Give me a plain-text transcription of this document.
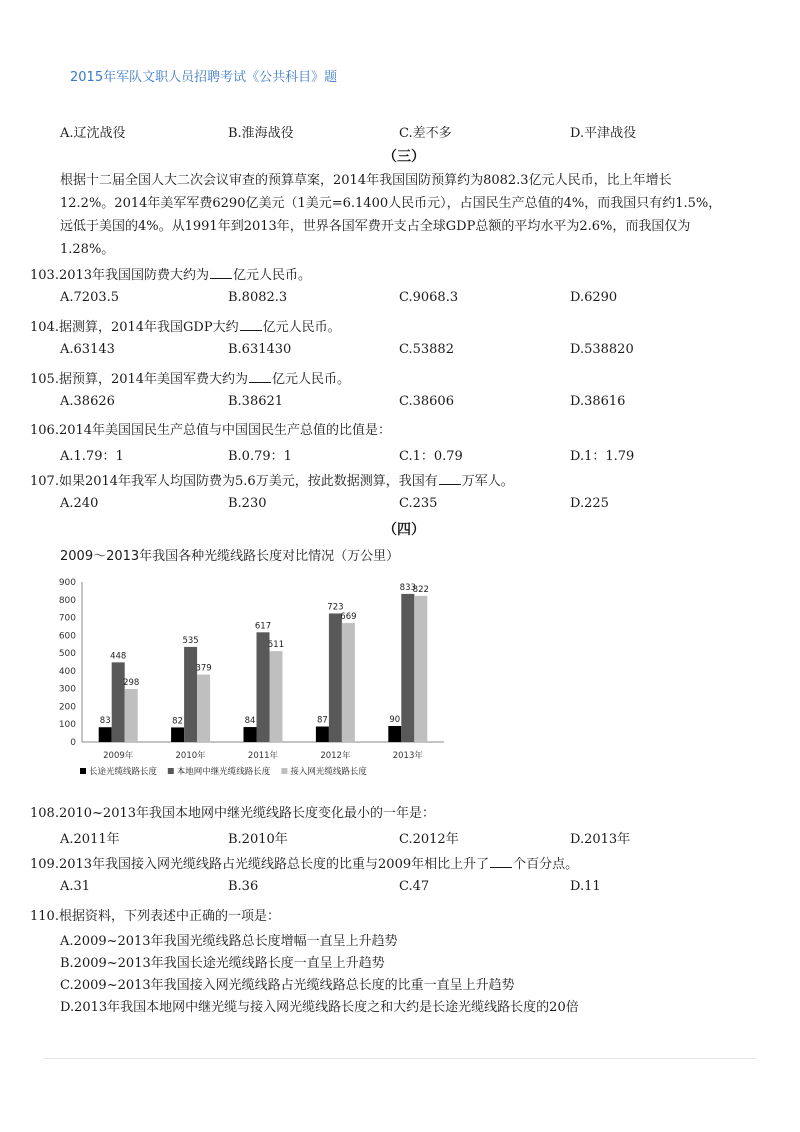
2015年军队文职人员招聘考试《公共科目》题
A.辽沈战役	B.淮海战役	C.差不多	D.平津战役
（三）
根据十二届全国人大二次会议审查的预算草案，2014年我国国防预算约为8082.3亿元人民币，比上年增长
12.2%。2014年美军军费6290亿美元（1美元=6.1400人民币元），占国民生产总值的4%，而我国只有约1.5%，
远低于美国的4%。从1991年到2013年，世界各国军费开支占全球GDP总额的平均水平为2.6%，而我国仅为
1.28%。
103.2013年我国国防费大约为 亿元人民币。
A.7203.5	B.8082.3	C.9068.3	D.6290
104.据测算，2014年我国GDP大约 亿元人民币。
A.63143	B.631430	C.53882	D.538820
105.据预算，2014年美国军费大约为 亿元人民币。
A.38626	B.38621	C.38606	D.38616
106.2014年美国国民生产总值与中国国民生产总值的比值是：
A.1.79：1	B.0.79：1	C.1：0.79	D.1：1.79
107.如果2014年我军人均国防费为5.6万美元，按此数据测算，我国有 万军人。
A.240	B.230	C.235	D.225
（四）
2009～2013年我国各种光缆线路长度对比情况（万公里）
0
100
200
300
400
500
600
700
800
900
83
448
298
2009年
82
535
379
2010年
84
617
511
2011年
87
723
669
2012年
90
833
822
2013年
长途光缆线路长度 本地网中继光缆线路长度 接入网光缆线路长度
108.2010~2013年我国本地网中继光缆线路长度变化最小的一年是：
A.2011年	B.2010年	C.2012年	D.2013年
109.2013年我国接入网光缆线路占光缆线路总长度的比重与2009年相比上升了 个百分点。
A.31	B.36	C.47	D.11
110.根据资料，下列表述中正确的一项是：
A.2009~2013年我国光缆线路总长度增幅一直呈上升趋势
B.2009~2013年我国长途光缆线路长度一直呈上升趋势
C.2009~2013年我国接入网光缆线路占光缆线路总长度的比重一直呈上升趋势
D.2013年我国本地网中继光缆与接入网光缆线路长度之和大约是长途光缆线路长度的20倍
